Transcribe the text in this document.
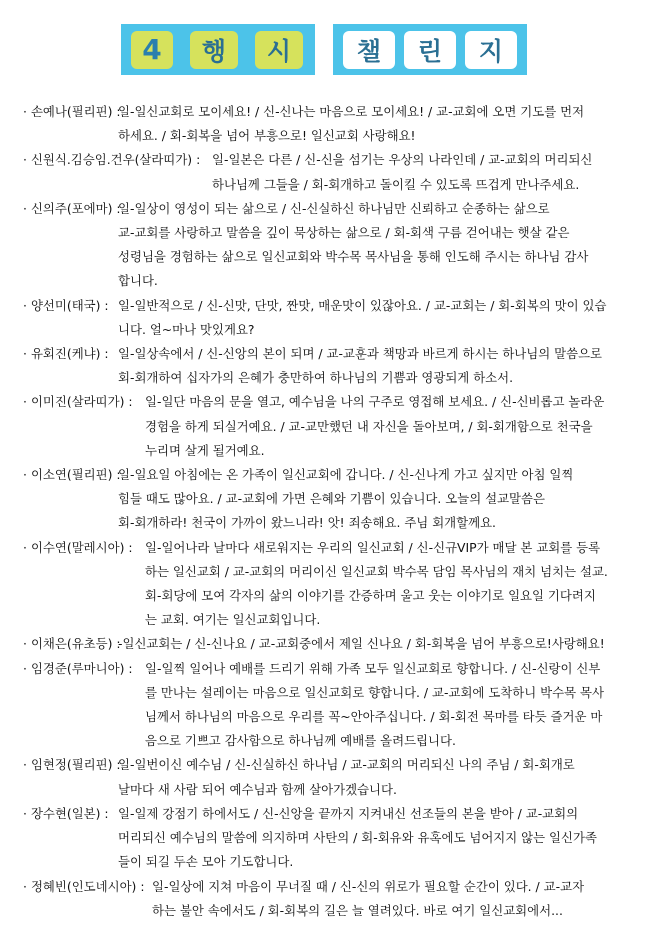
4	행	시	챌	린	지
· 손예나(필리핀) :
일-일신교회로 모이세요! / 신-신나는 마음으로 모이세요! / 교-교회에 오면 기도를 먼저
하세요. / 회-회복을 넘어 부흥으로! 일신교회 사랑해요!
· 신원식.김승임.건우(살라띠가) : 일-일본은 다른 / 신-신을 섬기는 우상의 나라인데 / 교-교회의 머리되신
하나님께 그들을 / 회-회개하고 돌이킬 수 있도록 뜨겁게 만나주세요.
· 신의주(포에마) :
일-일상이 영성이 되는 삶으로 / 신-신실하신 하나님만 신뢰하고 순종하는 삶으로
교-교회를 사랑하고 말씀을 깊이 묵상하는 삶으로 / 회-회색 구름 걷어내는 햇살 같은
성령님을 경험하는 삶으로 일신교회와 박수목 목사님을 통해 인도해 주시는 하나님 감사
합니다.
· 양선미(태국) : 일-일반적으로 / 신-신맛, 단맛, 짠맛, 매운맛이 있잖아요. / 교-교회는 / 회-회복의 맛이 있습
니다. 얼~마나 맛있게요?
· 유회진(케냐) : 일-일상속에서 / 신-신앙의 본이 되며 / 교-교훈과 책망과 바르게 하시는 하나님의 말씀으로
회-회개하여 십자가의 은혜가 충만하여 하나님의 기쁨과 영광되게 하소서.
· 이미진(살라띠가) : 일-일단 마음의 문을 열고, 예수님을 나의 구주로 영접해 보세요. / 신-신비롭고 놀라운
경험을 하게 되실거예요. / 교-교만했던 내 자신을 돌아보며, / 회-회개함으로 천국을
누리며 살게 될거예요.
· 이소연(필리핀) :
일-일요일 아침에는 온 가족이 일신교회에 갑니다. / 신-신나게 가고 싶지만 아침 일찍
힘들 때도 많아요. / 교-교회에 가면 은혜와 기쁨이 있습니다. 오늘의 설교말씀은
회-회개하라! 천국이 가까이 왔느니라! 앗! 죄송해요. 주님 회개할께요.
· 이수연(말레시아) : 일-일어나라 날마다 새로워지는 우리의 일신교회 / 신-신규VIP가 매달 본 교회를 등록
하는 일신교회 / 교-교회의 머리이신 일신교회 박수목 담임 목사님의 재치 넘치는 설교.
회-회당에 모여 각자의 삶의 이야기를 간증하며 울고 웃는 이야기로 일요일 기다려지
는 교회. 여기는 일신교회입니다.
· 이채은(유초등) :
-일신교회는 / 신-신나요 / 교-교회중에서 제일 신나요 / 회-회복을 넘어 부흥으로!사랑해요!
· 임경준(루마니아) : 일-일찍 일어나 예배를 드리기 위해 가족 모두 일신교회로 향합니다. / 신-신랑이 신부
를 만나는 설레이는 마음으로 일신교회로 향합니다. / 교-교회에 도착하니 박수목 목사
님께서 하나님의 마음으로 우리를 꼭~안아주십니다. / 회-회전 목마를 타듯 즐거운 마
음으로 기쁘고 감사함으로 하나님께 예배를 올려드립니다.
· 임현정(필리핀) :
일-일번이신 예수님 / 신-신실하신 하나님 / 교-교회의 머리되신 나의 주님 / 회-회개로
날마다 새 사람 되어 예수님과 함께 살아가겠습니다.
· 장수현(일본) : 일-일제 강점기 하에서도 / 신-신앙을 끝까지 지켜내신 선조들의 본을 받아 / 교-교회의
머리되신 예수님의 말씀에 의지하며 사탄의 / 회-회유와 유혹에도 넘어지지 않는 일신가족
들이 되길 두손 모아 기도합니다.
· 정혜빈(인도네시아) : 일-일상에 지쳐 마음이 무너질 때 / 신-신의 위로가 필요할 순간이 있다. / 교-교자
하는 불안 속에서도 / 회-회복의 길은 늘 열려있다. 바로 여기 일신교회에서...
